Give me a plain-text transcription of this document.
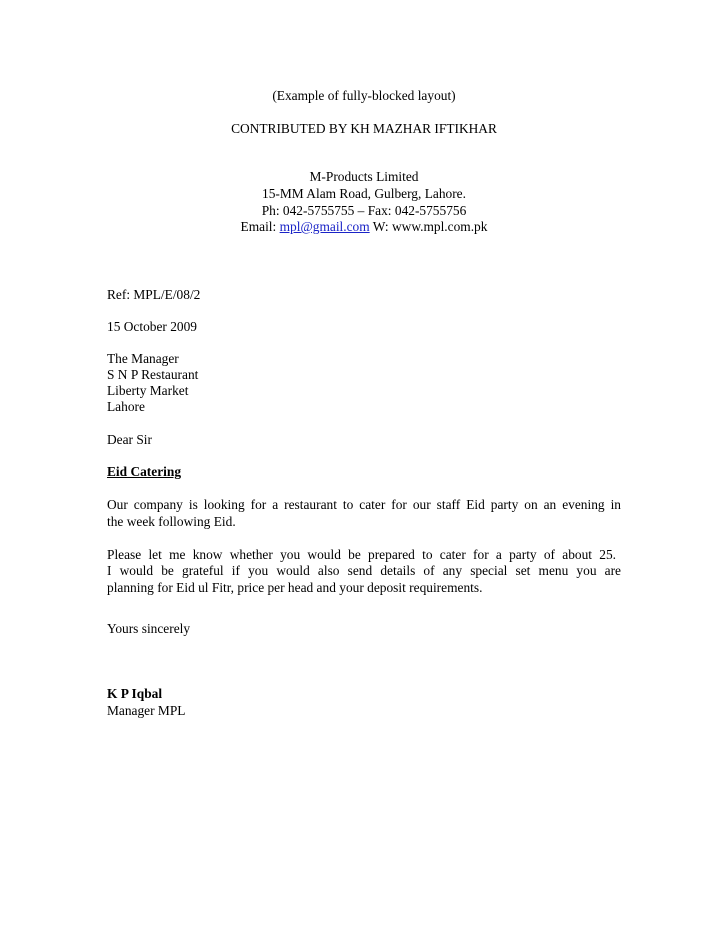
(Example of fully-blocked layout)
CONTRIBUTED BY KH MAZHAR IFTIKHAR
M-Products Limited
15-MM Alam Road, Gulberg, Lahore.
Ph: 042-5755755 – Fax: 042-5755756
Email: mpl@gmail.com W: www.mpl.com.pk
Ref: MPL/E/08/2
15 October 2009
The Manager
S N P Restaurant
Liberty Market
Lahore
Dear Sir
Eid Catering
Our company is looking for a restaurant to cater for our staff Eid party on an evening in
the week following Eid.
Please let me know whether you would be prepared to cater for a party of about 25.
I would be grateful if you would also send details of any special set menu you are
planning for Eid ul Fitr, price per head and your deposit requirements.
Yours sincerely
K P Iqbal
Manager MPL
